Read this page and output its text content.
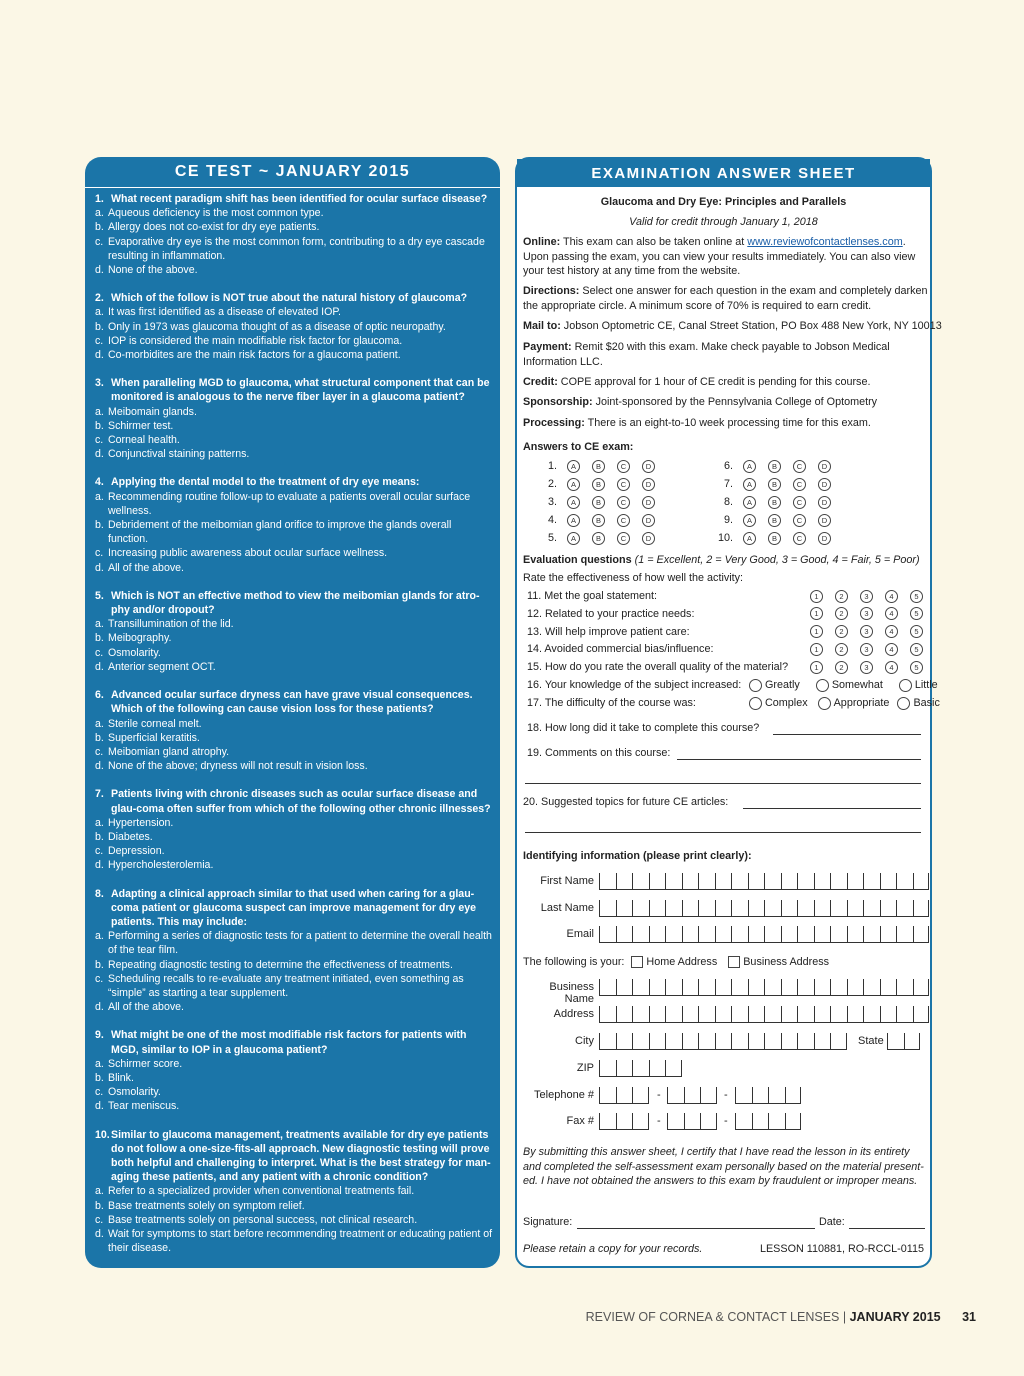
CE TEST ~ JANUARY 2015
1. What recent paradigm shift has been identified for ocular surface disease?
a. Aqueous deficiency is the most common type.
b. Allergy does not co-exist for dry eye patients.
c. Evaporative dry eye is the most common form, contributing to a dry eye cascade resulting in inflammation.
d. None of the above.
2. Which of the follow is NOT true about the natural history of glaucoma?
a. It was first identified as a disease of elevated IOP.
b. Only in 1973 was glaucoma thought of as a disease of optic neuropathy.
c. IOP is considered the main modifiable risk factor for glaucoma.
d. Co-morbidites are the main risk factors for a glaucoma patient.
3. When paralleling MGD to glaucoma, what structural component that can be monitored is analogous to the nerve fiber layer in a glaucoma patient?
a. Meibomain glands.
b. Schirmer test.
c. Corneal health.
d. Conjunctival staining patterns.
4. Applying the dental model to the treatment of dry eye means:
a. Recommending routine follow-up to evaluate a patients overall ocular surface wellness.
b. Debridement of the meibomian gland orifice to improve the glands overall function.
c. Increasing public awareness about ocular surface wellness.
d. All of the above.
5. Which is NOT an effective method to view the meibomian glands for atro-phy and/or dropout?
a. Transillumination of the lid.
b. Meibography.
c. Osmolarity.
d. Anterior segment OCT.
6. Advanced ocular surface dryness can have grave visual consequences. Which of the following can cause vision loss for these patients?
a. Sterile corneal melt.
b. Superficial keratitis.
c. Meibomian gland atrophy.
d. None of the above; dryness will not result in vision loss.
7. Patients living with chronic diseases such as ocular surface disease and glau-coma often suffer from which of the following other chronic illnesses?
a. Hypertension.
b. Diabetes.
c. Depression.
d. Hypercholesterolemia.
8. Adapting a clinical approach similar to that used when caring for a glau-coma patient or glaucoma suspect can improve management for dry eye patients. This may include:
a. Performing a series of diagnostic tests for a patient to determine the overall health of the tear film.
b. Repeating diagnostic testing to determine the effectiveness of treatments.
c. Scheduling recalls to re-evaluate any treatment initiated, even something as “simple” as starting a tear supplement.
d. All of the above.
9. What might be one of the most modifiable risk factors for patients with MGD, similar to IOP in a glaucoma patient?
a. Schirmer score.
b. Blink.
c. Osmolarity.
d. Tear meniscus.
10.Similar to glaucoma management, treatments available for dry eye patients do not follow a one-size-fits-all approach. New diagnostic testing will prove both helpful and challenging to interpret. What is the best strategy for man-aging these patients, and any patient with a chronic condition?
a. Refer to a specialized provider when conventional treatments fail.
b. Base treatments solely on symptom relief.
c. Base treatments solely on personal success, not clinical research.
d. Wait for symptoms to start before recommending treatment or educating patient of their disease.
EXAMINATION ANSWER SHEET
Glaucoma and Dry Eye: Principles and Parallels
Valid for credit through January 1, 2018
Online: This exam can also be taken online at www.reviewofcontactlenses.com. Upon passing the exam, you can view your results immediately. You can also view your test history at any time from the website.
Directions: Select one answer for each question in the exam and completely darken the appropriate circle. A minimum score of 70% is required to earn credit.
Mail to: Jobson Optometric CE, Canal Street Station, PO Box 488 New York, NY 10013
Payment: Remit $20 with this exam. Make check payable to Jobson Medical Information LLC.
Credit: COPE approval for 1 hour of CE credit is pending for this course.
Sponsorship: Joint-sponsored by the Pennsylvania College of Optometry
Processing: There is an eight-to-10 week processing time for this exam.
Answers to CE exam:
1. A	B	C	D
2. A	B	C	D
3. A	B	C	D
4. A	B	C	D
5. A	B	C	D
6. A	B	C	D
7. A	B	C	D
8. A	B	C	D
9. A	B	C	D
10. A	B	C	D
Evaluation questions (1 = Excellent, 2 = Very Good, 3 = Good, 4 = Fair, 5 = Poor)
Rate the effectiveness of how well the activity:
11. Met the goal statement:	1	2	3	4	5
12. Related to your practice needs:	1	2	3	4	5
13. Will help improve patient care:	1	2	3	4	5
14. Avoided commercial bias/influence:	1	2	3	4	5
15. How do you rate the overall quality of the material?	1	2	3	4	5
16. Your knowledge of the subject increased:	Greatly	Somewhat	Little
17. The difficulty of the course was:	Complex Appropriate Basic
18. How long did it take to complete this course?
19. Comments on this course:
20. Suggested topics for future CE articles:
Identifying information (please print clearly):
First Name
Last Name
Email
The following is your: Home Address Business Address
Business Name
Address
City	State
ZIP
Telephone #	-	-
Fax #	-	-
By submitting this answer sheet, I certify that I have read the lesson in its entirety and completed the self-assessment exam personally based on the material present-ed. I have not obtained the answers to this exam by fraudulent or improper means.
Signature:	Date:
Please retain a copy for your records.	LESSON 110881, RO-RCCL-0115
REVIEW OF CORNEA & CONTACT LENSES | JANUARY 2015 31
